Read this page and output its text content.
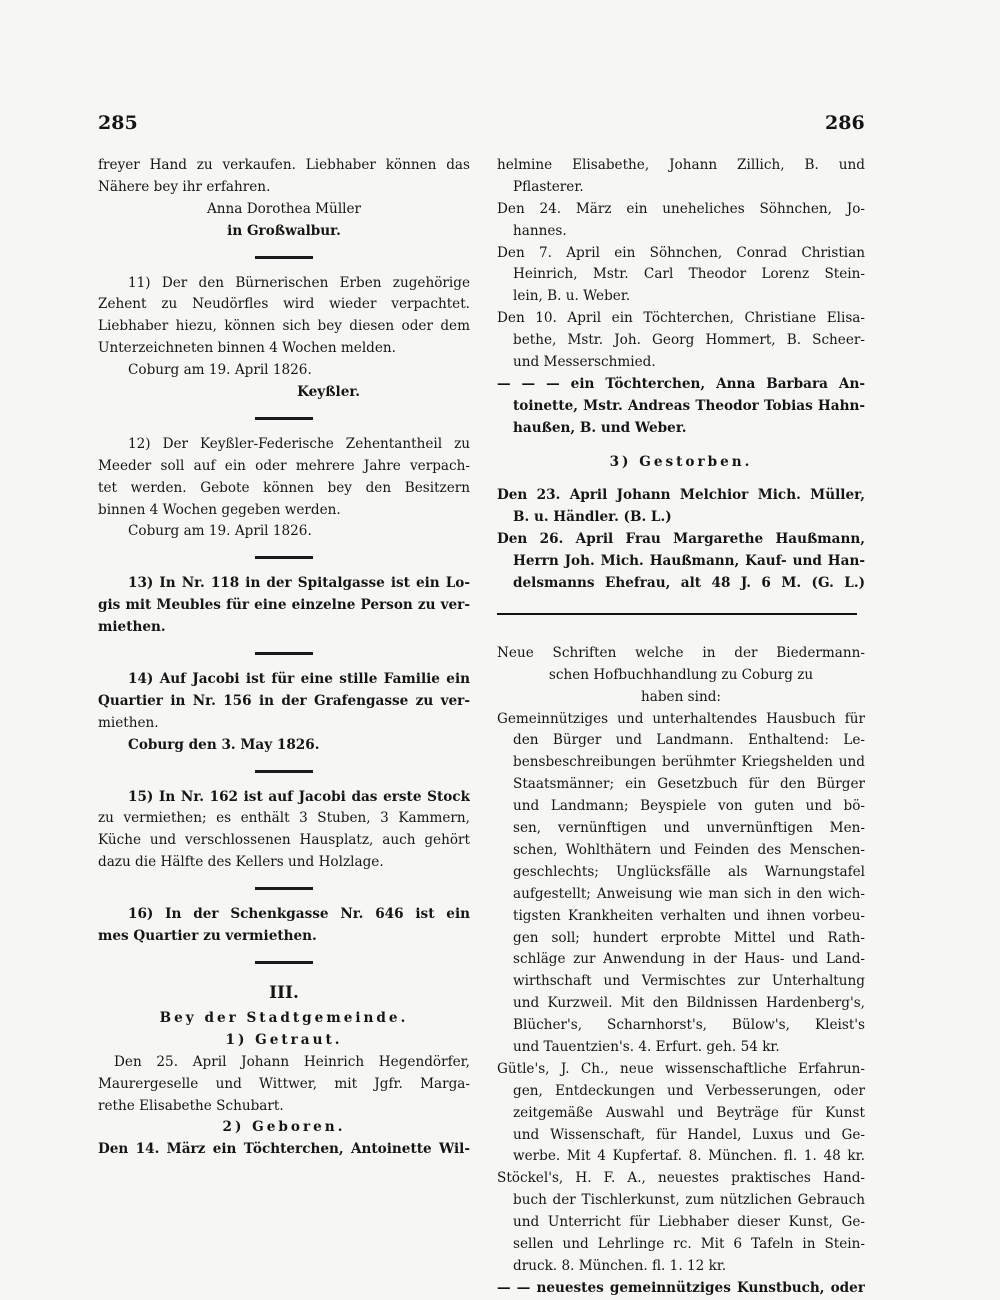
285	286
freyer Hand zu verkaufen. Liebhaber können das
Nähere bey ihr erfahren.
Anna Dorothea Müller
in Großwalbur.
11) Der den Bürnerischen Erben zugehörige
Zehent zu Neudörfles wird wieder verpachtet.
Liebhaber hiezu, können sich bey diesen oder dem
Unterzeichneten binnen 4 Wochen melden.
Coburg am 19. April 1826.
Keyßler.
12) Der Keyßler-Federische Zehentantheil zu
Meeder soll auf ein oder mehrere Jahre verpach-
tet werden. Gebote können bey den Besitzern
binnen 4 Wochen gegeben werden.
Coburg am 19. April 1826.
13) In Nr. 118 in der Spitalgasse ist ein Lo-
gis mit Meubles für eine einzelne Person zu ver-
miethen.
14) Auf Jacobi ist für eine stille Familie ein
Quartier in Nr. 156 in der Grafengasse zu ver-
miethen.
Coburg den 3. May 1826.
15) In Nr. 162 ist auf Jacobi das erste Stock
zu vermiethen; es enthält 3 Stuben, 3 Kammern,
Küche und verschlossenen Hausplatz, auch gehört
dazu die Hälfte des Kellers und Holzlage.
16) In der Schenkgasse Nr. 646 ist ein
mes Quartier zu vermiethen.
III.
Bey der Stadtgemeinde.
1) Getraut.
Den 25. April Johann Heinrich Hegendörfer,
Maurergeselle und Wittwer, mit Jgfr. Marga-
rethe Elisabethe Schubart.
2) Geboren.
Den 14. März ein Töchterchen, Antoinette Wil-
helmine Elisabethe, Johann Zillich, B. und
Pflasterer.
Den 24. März ein uneheliches Söhnchen, Jo-
hannes.
Den 7. April ein Söhnchen, Conrad Christian
Heinrich, Mstr. Carl Theodor Lorenz Stein-
lein, B. u. Weber.
Den 10. April ein Töchterchen, Christiane Elisa-
bethe, Mstr. Joh. Georg Hommert, B. Scheer-
und Messerschmied.
— — — ein Töchterchen, Anna Barbara An-
toinette, Mstr. Andreas Theodor Tobias Hahn-
haußen, B. und Weber.
3) Gestorben.
Den 23. April Johann Melchior Mich. Müller,
B. u. Händler. (B. L.)
Den 26. April Frau Margarethe Haußmann,
Herrn Joh. Mich. Haußmann, Kauf- und Han-
delsmanns Ehefrau, alt 48 J. 6 M. (G. L.)
Neue Schriften welche in der Biedermann-
schen Hofbuchhandlung zu Coburg zu
haben sind:
Gemeinnütziges und unterhaltendes Hausbuch für
den Bürger und Landmann. Enthaltend: Le-
bensbeschreibungen berühmter Kriegshelden und
Staatsmänner; ein Gesetzbuch für den Bürger
und Landmann; Beyspiele von guten und bö-
sen, vernünftigen und unvernünftigen Men-
schen, Wohlthätern und Feinden des Menschen-
geschlechts; Unglücksfälle als Warnungstafel
aufgestellt; Anweisung wie man sich in den wich-
tigsten Krankheiten verhalten und ihnen vorbeu-
gen soll; hundert erprobte Mittel und Rath-
schläge zur Anwendung in der Haus- und Land-
wirthschaft und Vermischtes zur Unterhaltung
und Kurzweil. Mit den Bildnissen Hardenberg's,
Blücher's, Scharnhorst's, Bülow's, Kleist's
und Tauentzien's. 4. Erfurt. geh. 54 kr.
Gütle's, J. Ch., neue wissenschaftliche Erfahrun-
gen, Entdeckungen und Verbesserungen, oder
zeitgemäße Auswahl und Beyträge für Kunst
und Wissenschaft, für Handel, Luxus und Ge-
werbe. Mit 4 Kupfertaf. 8. München. fl. 1. 48 kr.
Stöckel's, H. F. A., neuestes praktisches Hand-
buch der Tischlerkunst, zum nützlichen Gebrauch
und Unterricht für Liebhaber dieser Kunst, Ge-
sellen und Lehrlinge rc. Mit 6 Tafeln in Stein-
druck. 8. München. fl. 1. 12 kr.
— — neuestes gemeinnütziges Kunstbuch, oder
